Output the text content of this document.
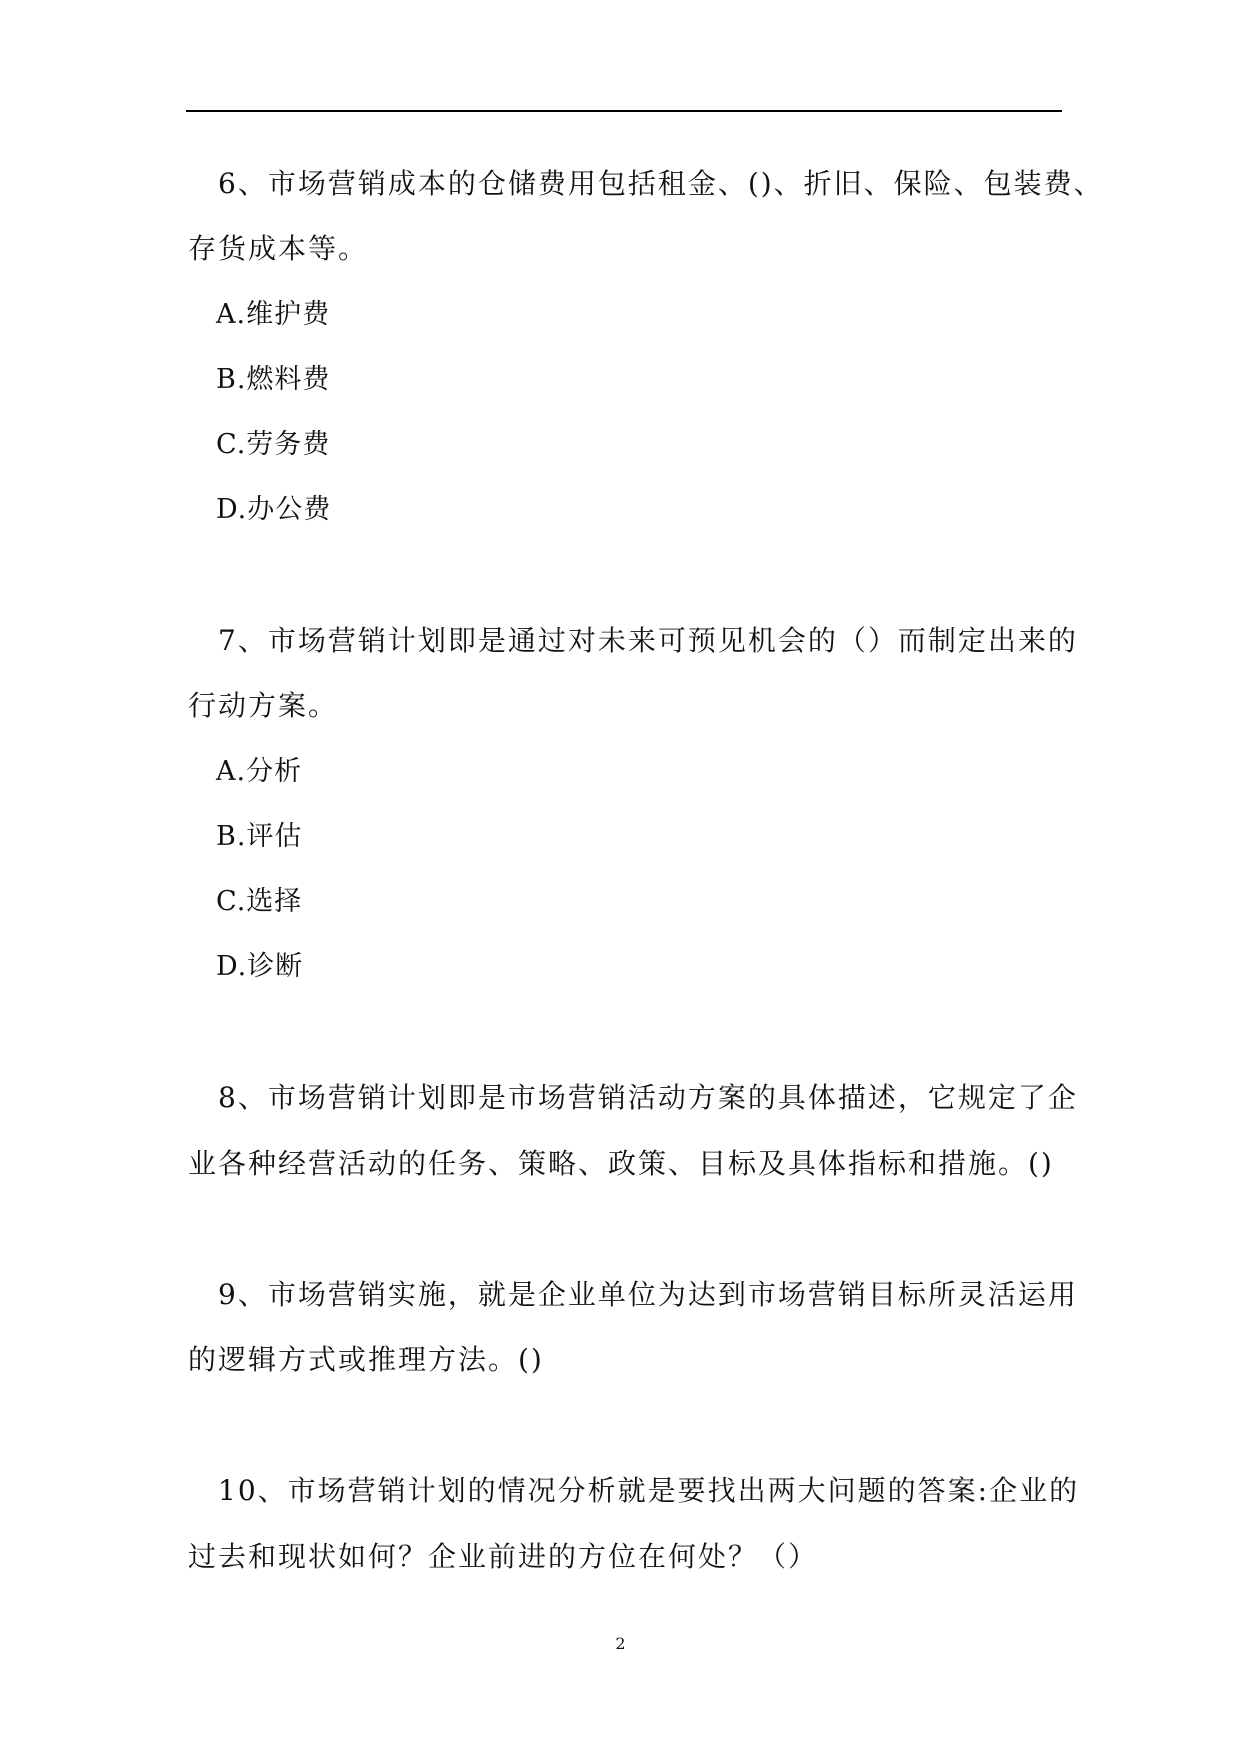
6、市场营销成本的仓储费用包括租金、()、折旧、保险、包装费、
存货成本等。
A.维护费
B.燃料费
C.劳务费
D.办公费
7、市场营销计划即是通过对未来可预见机会的（）而制定出来的
行动方案。
A.分析
B.评估
C.选择
D.诊断
8、市场营销计划即是市场营销活动方案的具体描述，它规定了企
业各种经营活动的任务、策略、政策、目标及具体指标和措施。()
9、市场营销实施，就是企业单位为达到市场营销目标所灵活运用
的逻辑方式或推理方法。()
10、市场营销计划的情况分析就是要找出两大问题的答案:企业的
过去和现状如何？企业前进的方位在何处？（）
2
